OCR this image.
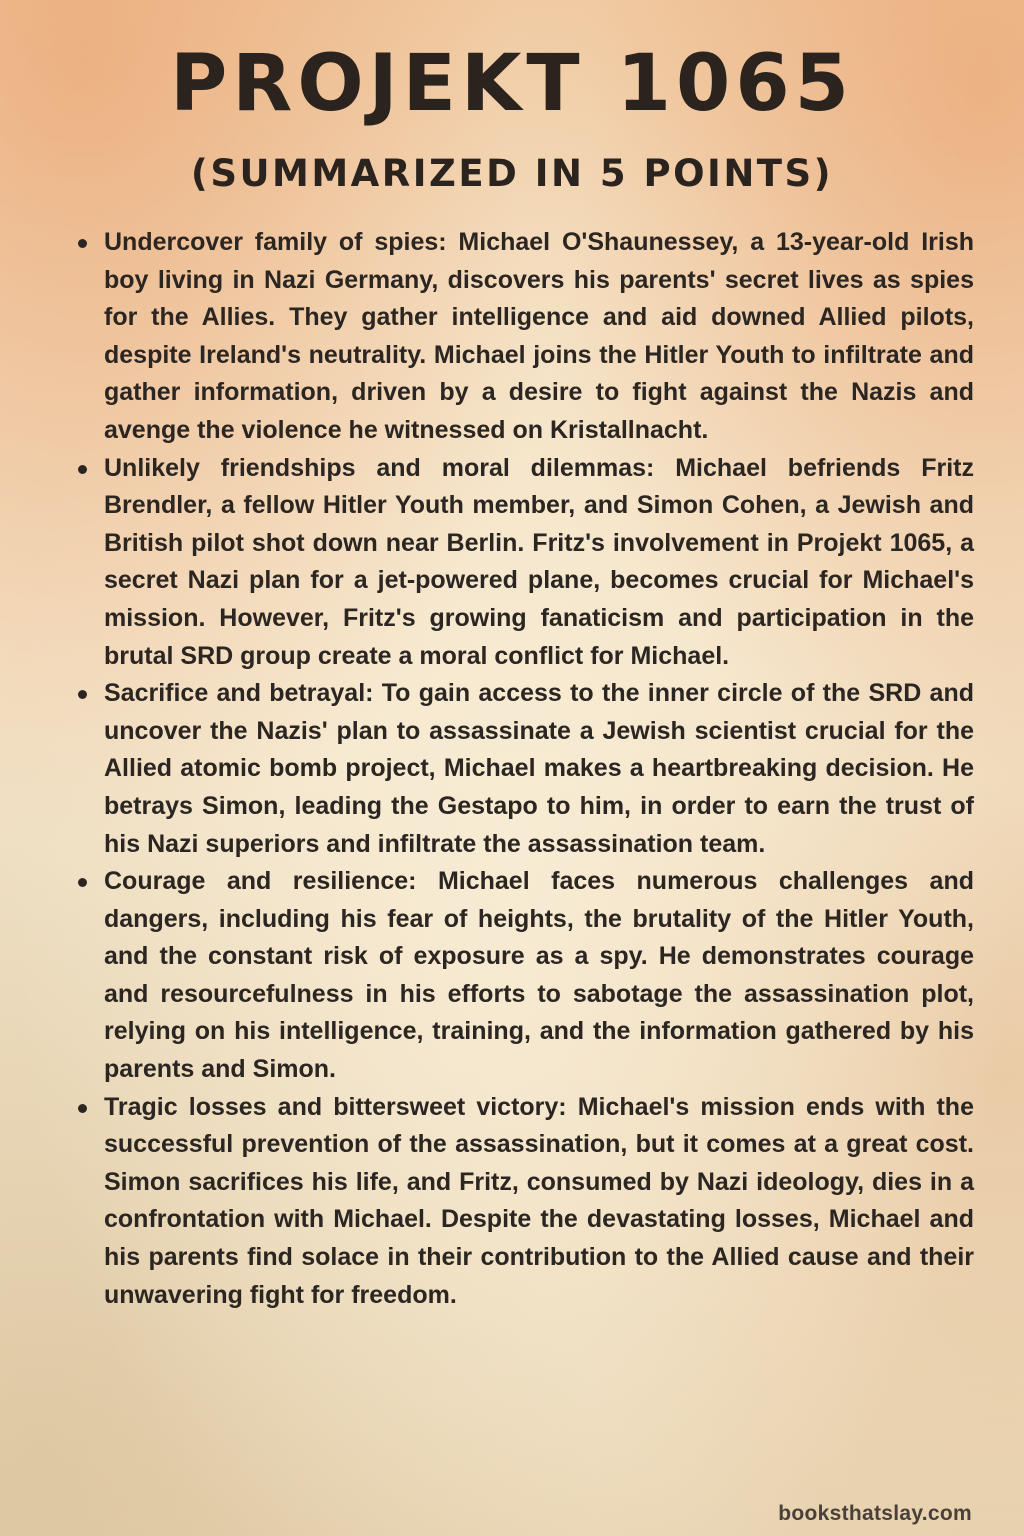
PROJEKT 1065
(SUMMARIZED IN 5 POINTS)
Undercover family of spies: Michael O'Shaunessey, a 13-year-old Irish boy living in Nazi Germany, discovers his parents' secret lives as spies for the Allies. They gather intelligence and aid downed Allied pilots, despite Ireland's neutrality. Michael joins the Hitler Youth to infiltrate and gather information, driven by a desire to fight against the Nazis and avenge the violence he witnessed on Kristallnacht.
Unlikely friendships and moral dilemmas: Michael befriends Fritz Brendler, a fellow Hitler Youth member, and Simon Cohen, a Jewish and British pilot shot down near Berlin. Fritz's involvement in Projekt 1065, a secret Nazi plan for a jet-powered plane, becomes crucial for Michael's mission. However, Fritz's growing fanaticism and participation in the brutal SRD group create a moral conflict for Michael.
Sacrifice and betrayal: To gain access to the inner circle of the SRD and uncover the Nazis' plan to assassinate a Jewish scientist crucial for the Allied atomic bomb project, Michael makes a heartbreaking decision. He betrays Simon, leading the Gestapo to him, in order to earn the trust of his Nazi superiors and infiltrate the assassination team.
Courage and resilience: Michael faces numerous challenges and dangers, including his fear of heights, the brutality of the Hitler Youth, and the constant risk of exposure as a spy. He demonstrates courage and resourcefulness in his efforts to sabotage the assassination plot, relying on his intelligence, training, and the information gathered by his parents and Simon.
Tragic losses and bittersweet victory: Michael's mission ends with the successful prevention of the assassination, but it comes at a great cost. Simon sacrifices his life, and Fritz, consumed by Nazi ideology, dies in a confrontation with Michael. Despite the devastating losses, Michael and his parents find solace in their contribution to the Allied cause and their unwavering fight for freedom.
booksthatslay.com
